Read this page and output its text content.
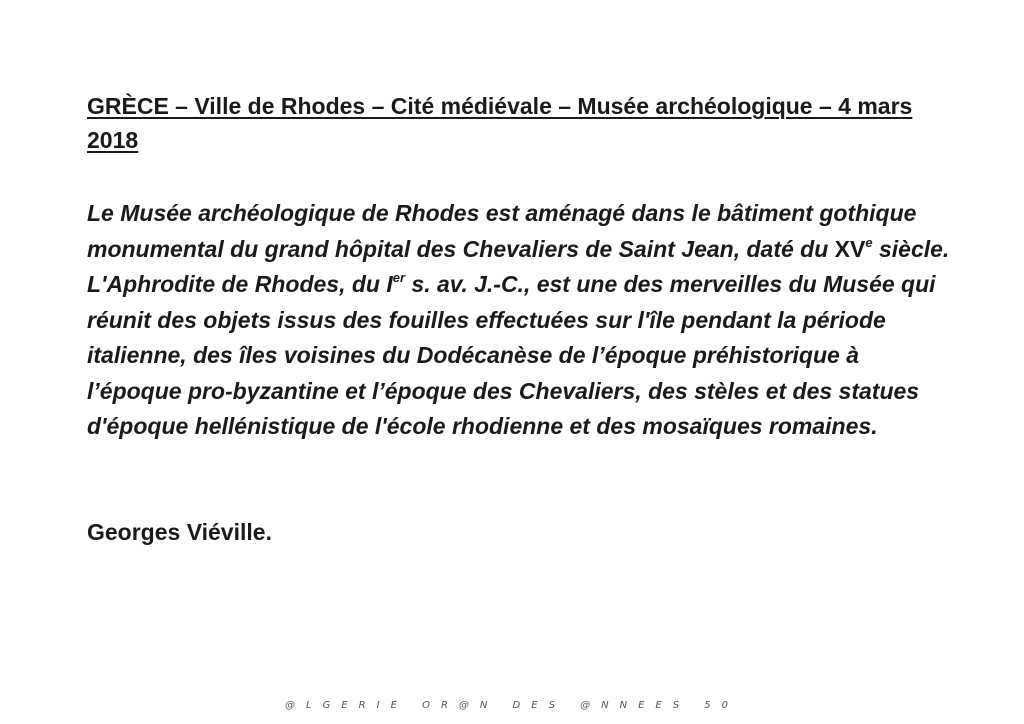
GRÈCE – Ville de Rhodes – Cité médiévale – Musée archéologique – 4 mars 2018

Le Musée archéologique de Rhodes est aménagé dans le bâtiment gothique monumental du grand hôpital des Chevaliers de Saint Jean, daté du XVe siècle. L'Aphrodite de Rhodes, du Ier s. av. J.-C., est une des merveilles du Musée qui réunit des objets issus des fouilles effectuées sur l'île pendant la période italienne, des îles voisines du Dodécanèse de l’époque préhistorique à l’époque pro-byzantine et l’époque des Chevaliers, des stèles et des statues d'époque hellénistique de l'école rhodienne et des mosaïques romaines.

Georges Viéville.

@LGERIE OR@N DES @NNEES 50
